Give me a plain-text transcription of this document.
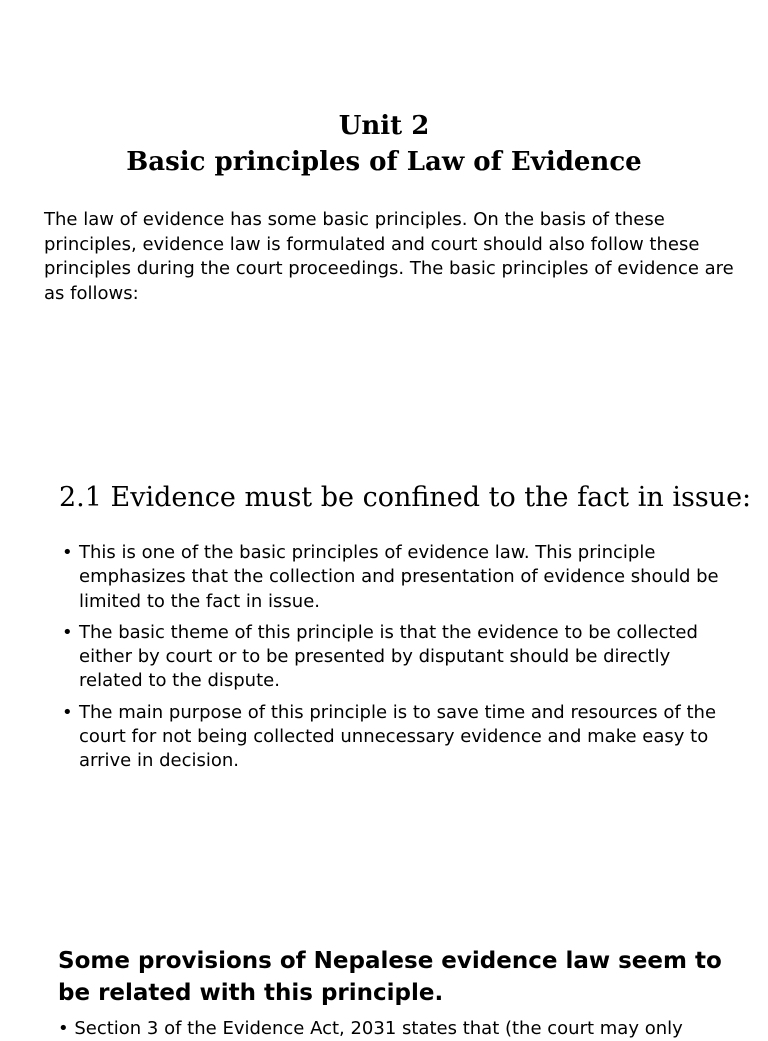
Unit 2
Basic principles of Law of Evidence

The law of evidence has some basic principles. On the basis of these principles, evidence law is formulated and court should also follow these principles during the court proceedings. The basic principles of evidence are as follows:

2.1 Evidence must be confined to the fact in issue:
• This is one of the basic principles of evidence law. This principle emphasizes that the collection and presentation of evidence should be limited to the fact in issue.
• The basic theme of this principle is that the evidence to be collected either by court or to be presented by disputant should be directly related to the dispute.
• The main purpose of this principle is to save time and resources of the court for not being collected unnecessary evidence and make easy to arrive in decision.
Some provisions of Nepalese evidence law seem to be related with this principle.
• Section 3 of the Evidence Act, 2031 states that (the court may only
